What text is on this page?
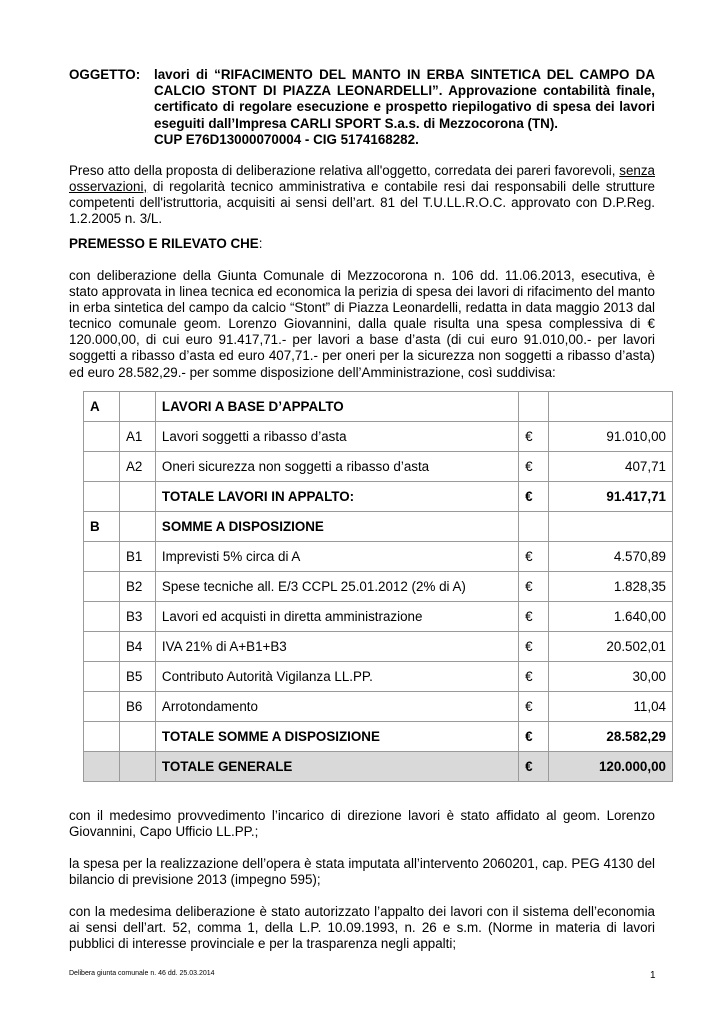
OGGETTO: lavori di “RIFACIMENTO DEL MANTO IN ERBA SINTETICA DEL CAMPO DA CALCIO STONT DI PIAZZA LEONARDELLI”. Approvazione contabilità finale, certificato di regolare esecuzione e prospetto riepilogativo di spesa dei lavori eseguiti dall’Impresa CARLI SPORT S.a.s. di Mezzocorona (TN).
CUP E76D13000070004 - CIG 5174168282.
Preso atto della proposta di deliberazione relativa all'oggetto, corredata dei pareri favorevoli, senza osservazioni, di regolarità tecnico amministrativa e contabile resi dai responsabili delle strutture competenti dell'istruttoria, acquisiti ai sensi dell’art. 81 del T.U.LL.R.O.C. approvato con D.P.Reg. 1.2.2005 n. 3/L.
PREMESSO E RILEVATO CHE:
con deliberazione della Giunta Comunale di Mezzocorona n. 106 dd. 11.06.2013, esecutiva, è stato approvata in linea tecnica ed economica la perizia di spesa dei lavori di rifacimento del manto in erba sintetica del campo da calcio “Stont” di Piazza Leonardelli, redatta in data maggio 2013 dal tecnico comunale geom. Lorenzo Giovannini, dalla quale risulta una spesa complessiva di € 120.000,00, di cui euro 91.417,71.- per lavori a base d’asta (di cui euro 91.010,00.- per lavori soggetti a ribasso d’asta ed euro 407,71.- per oneri per la sicurezza non soggetti a ribasso d’asta) ed euro 28.582,29.- per somme disposizione dell’Amministrazione, così suddivisa:
A		LAVORI A BASE D’APPALTO		
	A1	Lavori soggetti a ribasso d’asta	€	91.010,00
	A2	Oneri sicurezza non soggetti a ribasso d’asta	€	407,71
		TOTALE LAVORI IN APPALTO:	€	91.417,71
B		SOMME A DISPOSIZIONE		
	B1	Imprevisti 5% circa di A	€	4.570,89
	B2	Spese tecniche all. E/3 CCPL 25.01.2012 (2% di A)	€	1.828,35
	B3	Lavori ed acquisti in diretta amministrazione	€	1.640,00
	B4	IVA 21% di A+B1+B3	€	20.502,01
	B5	Contributo Autorità Vigilanza LL.PP.	€	30,00
	B6	Arrotondamento	€	11,04
		TOTALE SOMME A DISPOSIZIONE	€	28.582,29
		TOTALE GENERALE	€	120.000,00
con il medesimo provvedimento l’incarico di direzione lavori è stato affidato al geom. Lorenzo Giovannini, Capo Ufficio LL.PP.;
la spesa per la realizzazione dell’opera è stata imputata all’intervento 2060201, cap. PEG 4130 del bilancio di previsione 2013 (impegno 595);
con la medesima deliberazione è stato autorizzato l’appalto dei lavori con il sistema dell’economia ai sensi dell’art. 52, comma 1, della L.P. 10.09.1993, n. 26 e s.m. (Norme in materia di lavori pubblici di interesse provinciale e per la trasparenza negli appalti;
Delibera giunta comunale n. 46 dd. 25.03.2014	1
